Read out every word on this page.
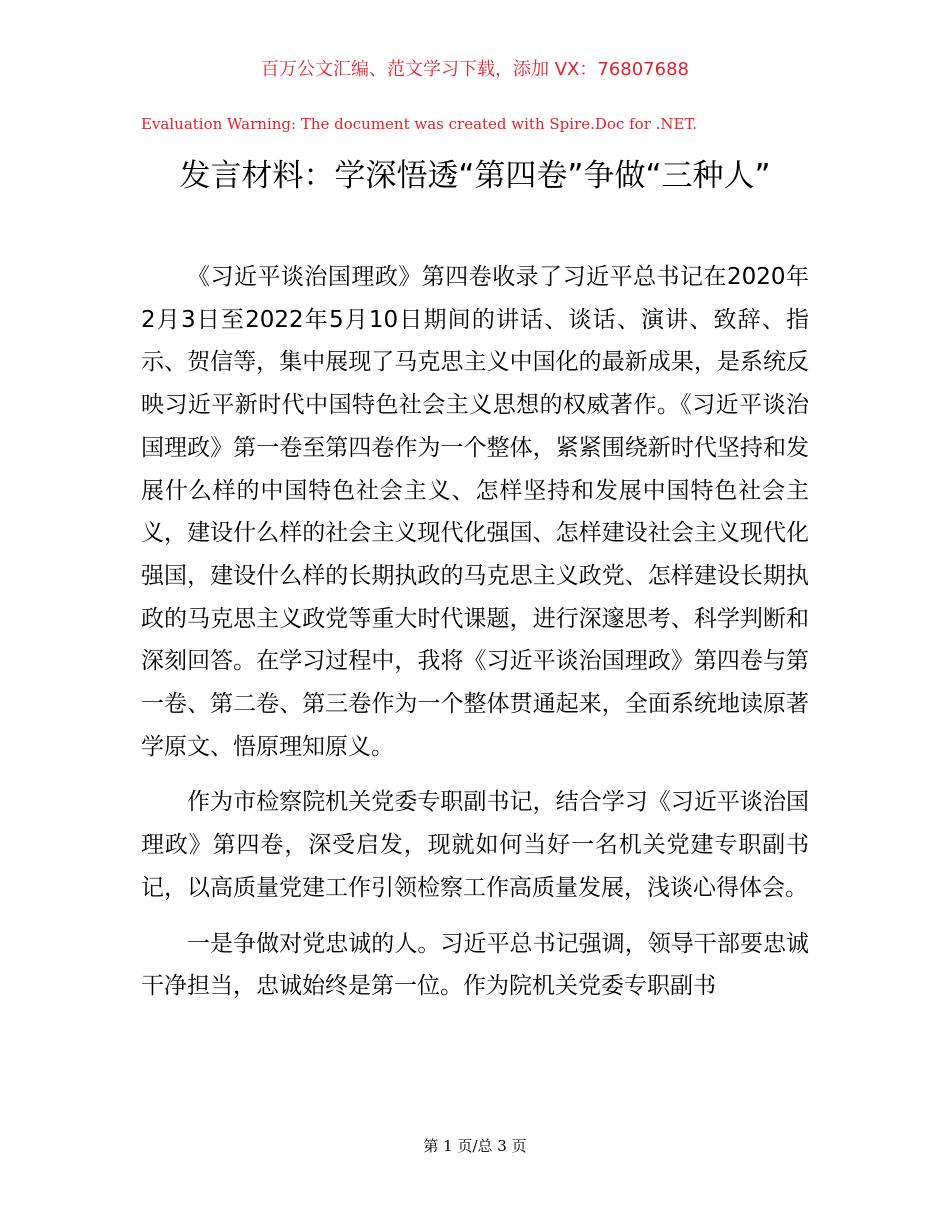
百万公文汇编、范文学习下载，添加 VX：76807688
Evaluation Warning: The document was created with Spire.Doc for .NET.
发言材料：学深悟透“第四卷”争做“三种人”

《习近平谈治国理政》第四卷收录了习近平总书记在2020年2月3日至2022年5月10日期间的讲话、谈话、演讲、致辞、指示、贺信等，集中展现了马克思主义中国化的最新成果，是系统反映习近平新时代中国特色社会主义思想的权威著作。《习近平谈治国理政》第一卷至第四卷作为一个整体，紧紧围绕新时代坚持和发展什么样的中国特色社会主义、怎样坚持和发展中国特色社会主义，建设什么样的社会主义现代化强国、怎样建设社会主义现代化强国，建设什么样的长期执政的马克思主义政党、怎样建设长期执政的马克思主义政党等重大时代课题，进行深邃思考、科学判断和深刻回答。在学习过程中，我将《习近平谈治国理政》第四卷与第一卷、第二卷、第三卷作为一个整体贯通起来，全面系统地读原著学原文、悟原理知原义。

作为市检察院机关党委专职副书记，结合学习《习近平谈治国理政》第四卷，深受启发，现就如何当好一名机关党建专职副书记，以高质量党建工作引领检察工作高质量发展，浅谈心得体会。

一是争做对党忠诚的人。习近平总书记强调，领导干部要忠诚干净担当，忠诚始终是第一位。作为院机关党委专职副书

第 1 页/总 3 页
